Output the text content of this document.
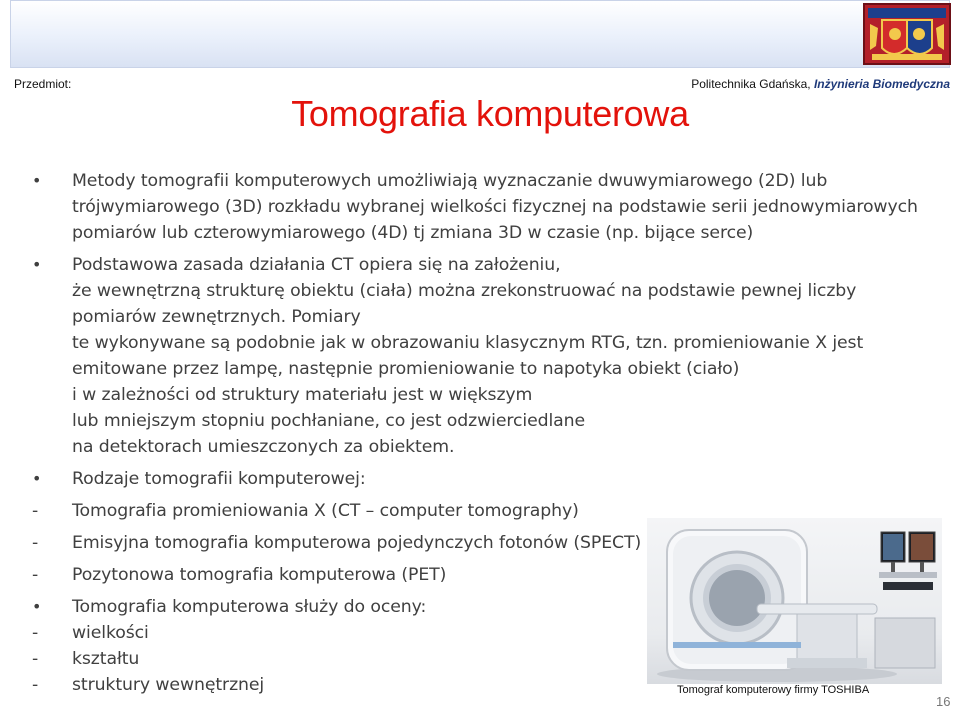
Przedmiot:	Politechnika Gdańska, Inżynieria Biomedyczna
Tomografia komputerowa

• Metody tomografii komputerowych umożliwiają wyznaczanie dwuwymiarowego (2D) lub

trójwymiarowego (3D) rozkładu wybranej wielkości fizycznej na podstawie serii jednowymiarowych

pomiarów lub czterowymiarowego (4D) tj zmiana 3D w czasie (np. bijące serce)

• Podstawowa zasada działania CT opiera się na założeniu,

że wewnętrzną strukturę obiektu (ciała) można zrekonstruować na podstawie pewnej liczby

pomiarów zewnętrznych. Pomiary

te wykonywane są podobnie jak w obrazowaniu klasycznym RTG, tzn. promieniowanie X jest

emitowane przez lampę, następnie promieniowanie to napotyka obiekt (ciało)

i w zależności od struktury materiału jest w większym

lub mniejszym stopniu pochłaniane, co jest odzwierciedlane

na detektorach umieszczonych za obiektem.

• Rodzaje tomografii komputerowej:

-	Tomografia promieniowania X (CT – computer tomography)

-	Emisyjna tomografia komputerowa pojedynczych fotonów (SPECT)

-	Pozytonowa tomografia komputerowa (PET)

• Tomografia komputerowa służy do oceny:

-	wielkości

-	kształtu

-	struktury wewnętrznej	Tomograf komputerowy firmy TOSHIBA
16
